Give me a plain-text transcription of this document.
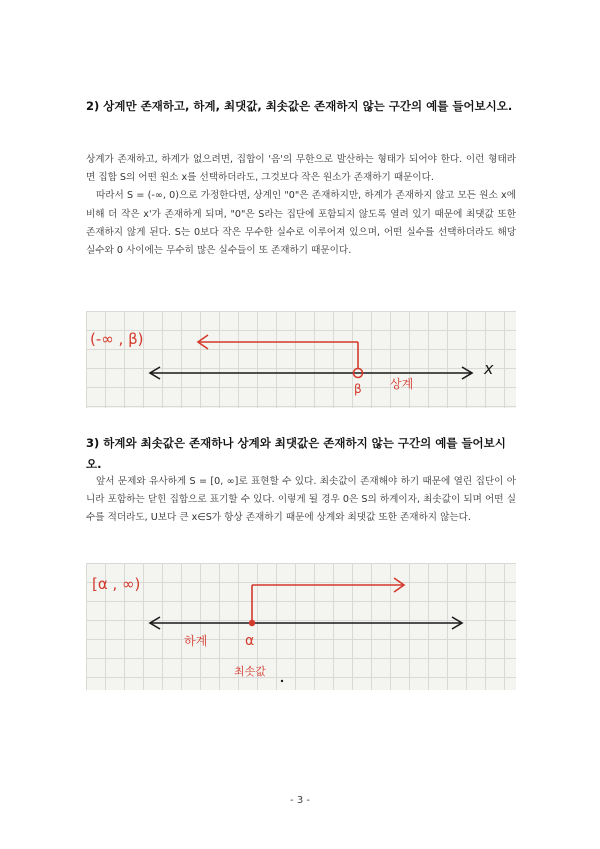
2) 상계만 존재하고, 하계, 최댓값, 최솟값은 존재하지 않는 구간의 예를 들어보시오.
상계가 존재하고, 하계가 없으려면, 집합이 '음'의 무한으로 발산하는 형태가 되어야 한다. 이런 형태라면 집합 S의 어떤 원소 x를 선택하더라도, 그것보다 작은 원소가 존재하기 때문이다.
따라서 S = (-∞, 0)으로 가정한다면, 상계인 "0"은 존재하지만, 하계가 존재하지 않고 모든 원소 x에 비해 더 작은 x'가 존재하게 되며, "0"은 S라는 집단에 포함되지 않도록 열려 있기 때문에 최댓값 또한 존재하지 않게 된다. S는 0보다 작은 무수한 실수로 이루어져 있으며, 어떤 실수를 선택하더라도 해당 실수와 0 사이에는 무수히 많은 실수들이 또 존재하기 때문이다.
(-∞ , β)
x
β 상계
3) 하계와 최솟값은 존재하나 상계와 최댓값은 존재하지 않는 구간의 예를 들어보시오.
앞서 문제와 유사하게 S = [0, ∞]로 표현할 수 있다. 최솟값이 존재해야 하기 때문에 열린 집단이 아니라 포함하는 닫힌 집합으로 표기할 수 있다. 이렇게 될 경우 0은 S의 하계이자, 최솟값이 되며 어떤 실수를 적더라도, U보다 큰 x∈S가 항상 존재하기 때문에 상계와 최댓값 또한 존재하지 않는다.
[α , ∞)
하계	α
최솟값
- 3 -
